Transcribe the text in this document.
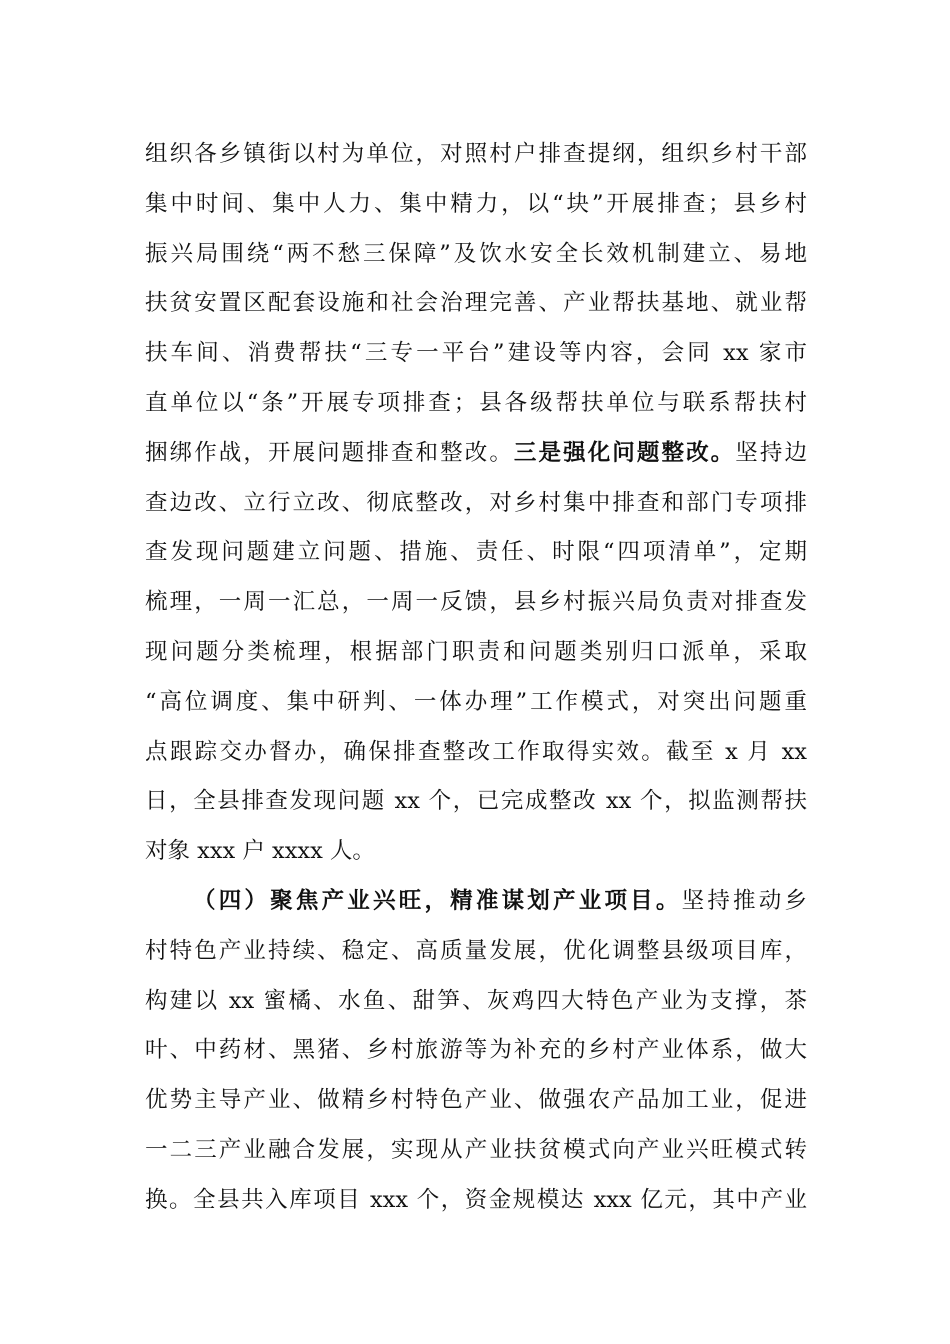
组织各乡镇街以村为单位，对照村户排查提纲，组织乡村干部
集中时间、集中人力、集中精力，以“块”开展排查；县乡村
振兴局围绕“两不愁三保障”及饮水安全长效机制建立、易地
扶贫安置区配套设施和社会治理完善、产业帮扶基地、就业帮
扶车间、消费帮扶“三专一平台”建设等内容，会同 xx 家市
直单位以“条”开展专项排查；县各级帮扶单位与联系帮扶村
捆绑作战，开展问题排查和整改。三是强化问题整改。坚持边
查边改、立行立改、彻底整改，对乡村集中排查和部门专项排
查发现问题建立问题、措施、责任、时限“四项清单”，定期
梳理，一周一汇总，一周一反馈，县乡村振兴局负责对排查发
现问题分类梳理，根据部门职责和问题类别归口派单，采取
“高位调度、集中研判、一体办理”工作模式，对突出问题重
点跟踪交办督办，确保排查整改工作取得实效。截至 x 月 xx
日，全县排查发现问题 xx 个，已完成整改 xx 个，拟监测帮扶
对象 xxx 户 xxxx 人。
（四）聚焦产业兴旺，精准谋划产业项目。坚持推动乡
村特色产业持续、稳定、高质量发展，优化调整县级项目库，
构建以 xx 蜜橘、水鱼、甜笋、灰鸡四大特色产业为支撑，茶
叶、中药材、黑猪、乡村旅游等为补充的乡村产业体系，做大
优势主导产业、做精乡村特色产业、做强农产品加工业，促进
一二三产业融合发展，实现从产业扶贫模式向产业兴旺模式转
换。全县共入库项目 xxx 个，资金规模达 xxx 亿元，其中产业
